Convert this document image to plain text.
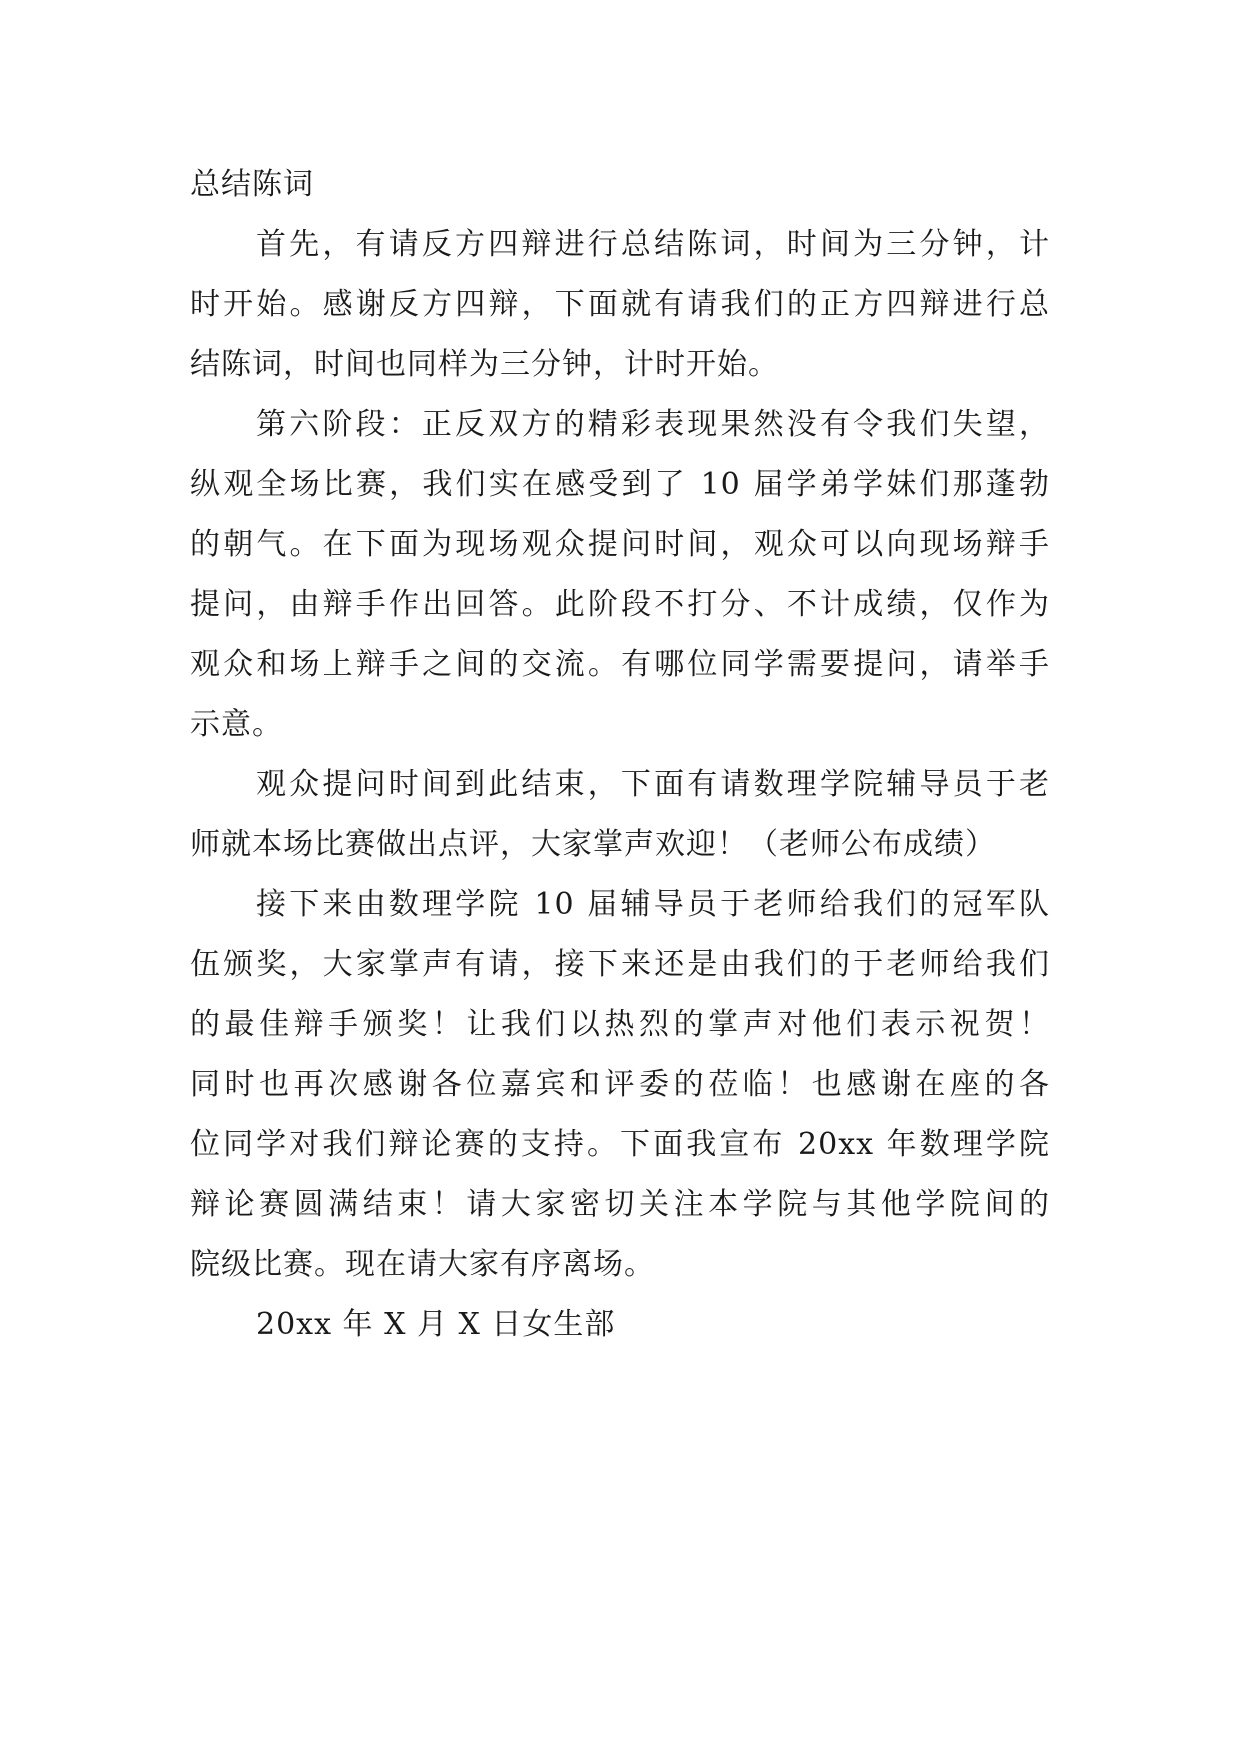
总结陈词
首先，有请反方四辩进行总结陈词，时间为三分钟，计
时开始。感谢反方四辩，下面就有请我们的正方四辩进行总
结陈词，时间也同样为三分钟，计时开始。
第六阶段：正反双方的精彩表现果然没有令我们失望，
纵观全场比赛，我们实在感受到了 10 届学弟学妹们那蓬勃
的朝气。在下面为现场观众提问时间，观众可以向现场辩手
提问，由辩手作出回答。此阶段不打分、不计成绩，仅作为
观众和场上辩手之间的交流。有哪位同学需要提问，请举手
示意。
观众提问时间到此结束，下面有请数理学院辅导员于老
师就本场比赛做出点评，大家掌声欢迎！（老师公布成绩）
接下来由数理学院 10 届辅导员于老师给我们的冠军队
伍颁奖，大家掌声有请，接下来还是由我们的于老师给我们
的最佳辩手颁奖！让我们以热烈的掌声对他们表示祝贺！
同时也再次感谢各位嘉宾和评委的莅临！也感谢在座的各
位同学对我们辩论赛的支持。下面我宣布 20xx 年数理学院
辩论赛圆满结束！请大家密切关注本学院与其他学院间的
院级比赛。现在请大家有序离场。
20xx 年 X 月 X 日女生部
